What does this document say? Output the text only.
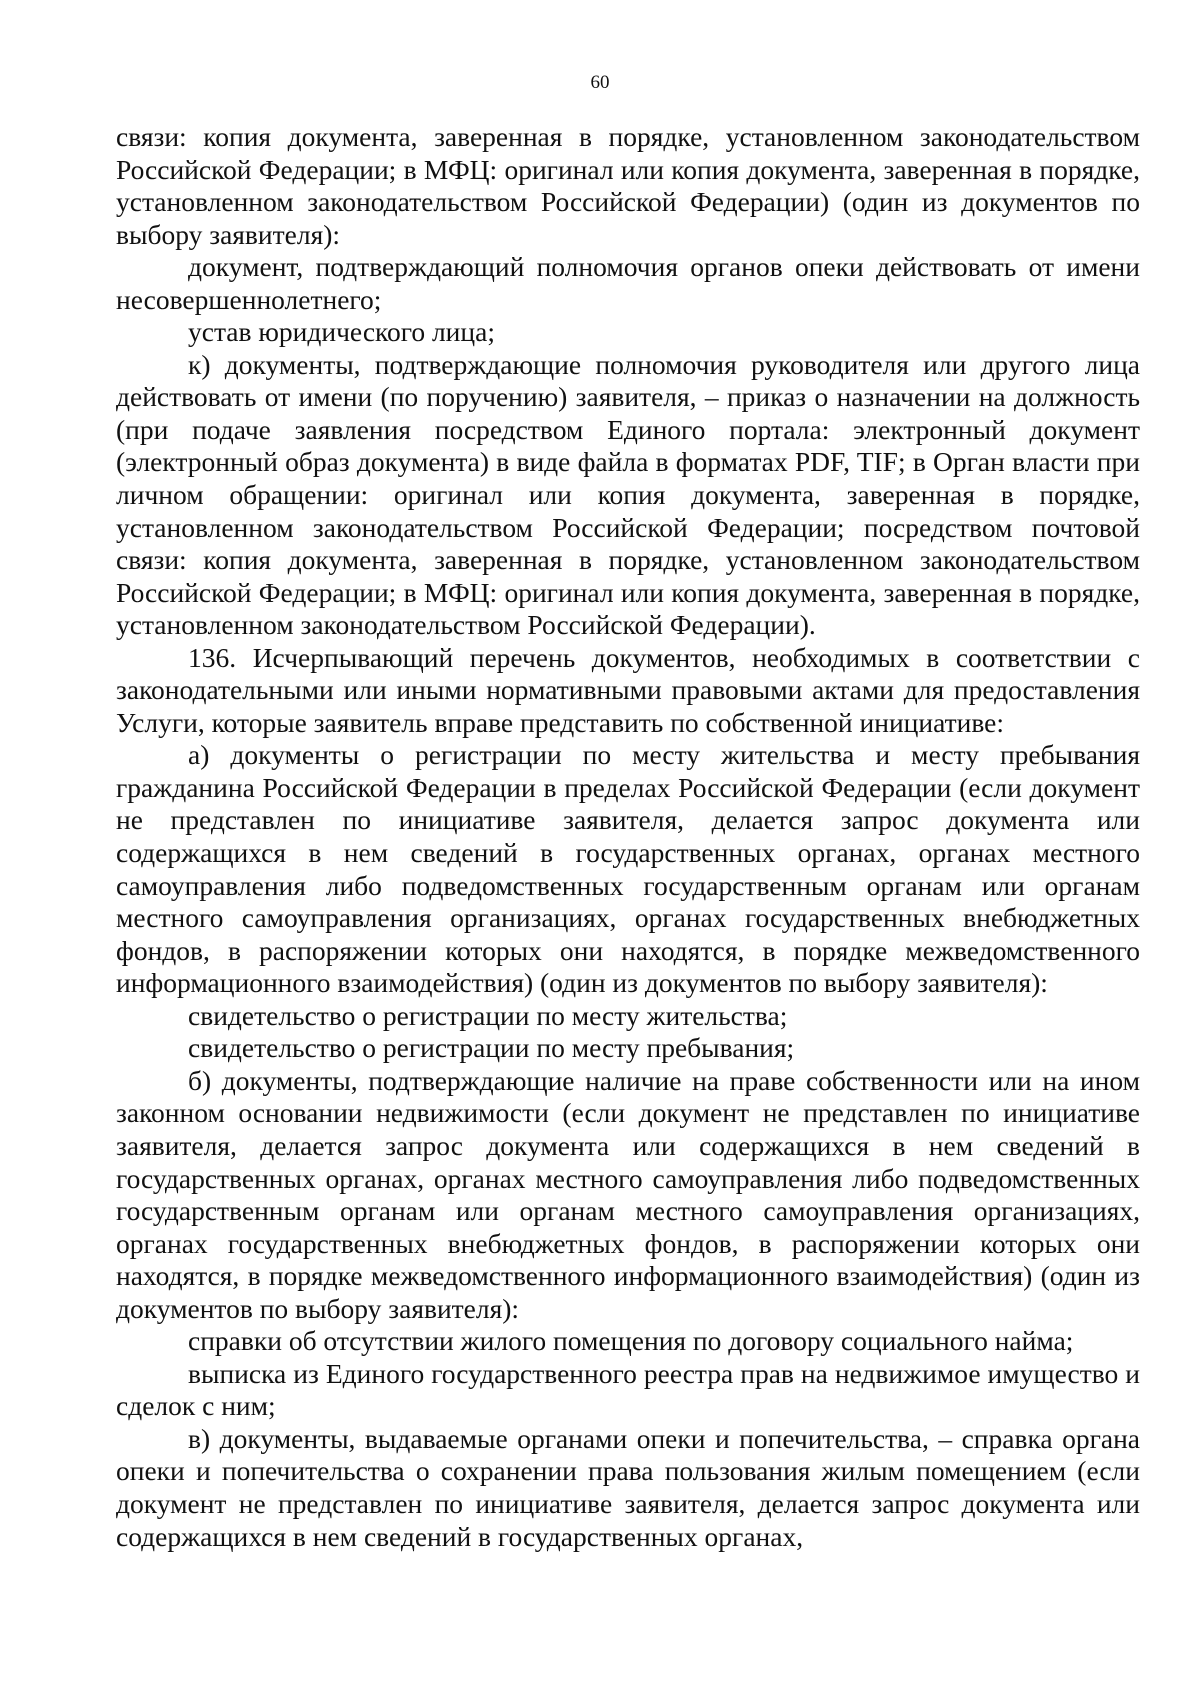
60

связи: копия документа, заверенная в порядке, установленном законодательством Российской Федерации; в МФЦ: оригинал или копия документа, заверенная в порядке, установленном законодательством Российской Федерации) (один из документов по выбору заявителя):

документ, подтверждающий полномочия органов опеки действовать от имени несовершеннолетнего;

устав юридического лица;

к) документы, подтверждающие полномочия руководителя или другого лица действовать от имени (по поручению) заявителя, – приказ о назначении на должность (при подаче заявления посредством Единого портала: электронный документ (электронный образ документа) в виде файла в форматах PDF, TIF; в Орган власти при личном обращении: оригинал или копия документа, заверенная в порядке, установленном законодательством Российской Федерации; посредством почтовой связи: копия документа, заверенная в порядке, установленном законодательством Российской Федерации; в МФЦ: оригинал или копия документа, заверенная в порядке, установленном законодательством Российской Федерации).

136. Исчерпывающий перечень документов, необходимых в соответствии с законодательными или иными нормативными правовыми актами для предоставления Услуги, которые заявитель вправе представить по собственной инициативе:

а) документы о регистрации по месту жительства и месту пребывания гражданина Российской Федерации в пределах Российской Федерации (если документ не представлен по инициативе заявителя, делается запрос документа или содержащихся в нем сведений в государственных органах, органах местного самоуправления либо подведомственных государственным органам или органам местного самоуправления организациях, органах государственных внебюджетных фондов, в распоряжении которых они находятся, в порядке межведомственного информационного взаимодействия) (один из документов по выбору заявителя):

свидетельство о регистрации по месту жительства;

свидетельство о регистрации по месту пребывания;

б) документы, подтверждающие наличие на праве собственности или на ином законном основании недвижимости (если документ не представлен по инициативе заявителя, делается запрос документа или содержащихся в нем сведений в государственных органах, органах местного самоуправления либо подведомственных государственным органам или органам местного самоуправления организациях, органах государственных внебюджетных фондов, в распоряжении которых они находятся, в порядке межведомственного информационного взаимодействия) (один из документов по выбору заявителя):

справки об отсутствии жилого помещения по договору социального найма;

выписка из Единого государственного реестра прав на недвижимое имущество и сделок с ним;

в) документы, выдаваемые органами опеки и попечительства, – справка органа опеки и попечительства о сохранении права пользования жилым помещением (если документ не представлен по инициативе заявителя, делается запрос документа или содержащихся в нем сведений в государственных органах,
